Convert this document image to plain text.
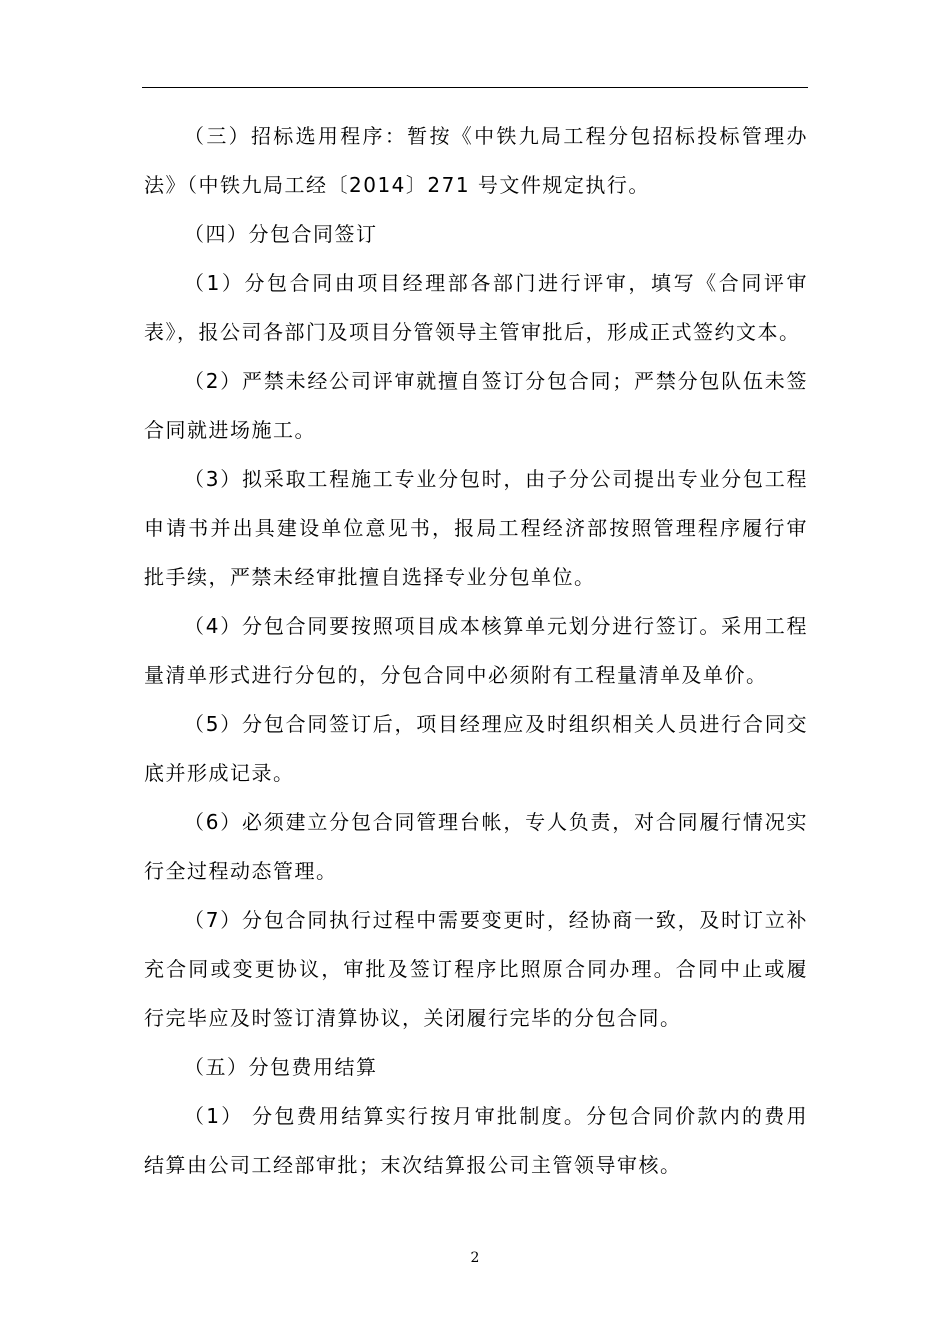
（三）招标选用程序：暂按《中铁九局工程分包招标投标管理办法》（中铁九局工经〔2014〕271 号文件规定执行。

（四）分包合同签订

（1）分包合同由项目经理部各部门进行评审，填写《合同评审表》，报公司各部门及项目分管领导主管审批后，形成正式签约文本。

（2）严禁未经公司评审就擅自签订分包合同；严禁分包队伍未签合同就进场施工。

（3）拟采取工程施工专业分包时，由子分公司提出专业分包工程申请书并出具建设单位意见书，报局工程经济部按照管理程序履行审批手续，严禁未经审批擅自选择专业分包单位。

（4）分包合同要按照项目成本核算单元划分进行签订。采用工程量清单形式进行分包的，分包合同中必须附有工程量清单及单价。

（5）分包合同签订后，项目经理应及时组织相关人员进行合同交底并形成记录。

（6）必须建立分包合同管理台帐，专人负责，对合同履行情况实行全过程动态管理。

（7）分包合同执行过程中需要变更时，经协商一致，及时订立补充合同或变更协议，审批及签订程序比照原合同办理。合同中止或履行完毕应及时签订清算协议，关闭履行完毕的分包合同。

（五）分包费用结算

（1） 分包费用结算实行按月审批制度。分包合同价款内的费用结算由公司工经部审批；末次结算报公司主管领导审核。

2
